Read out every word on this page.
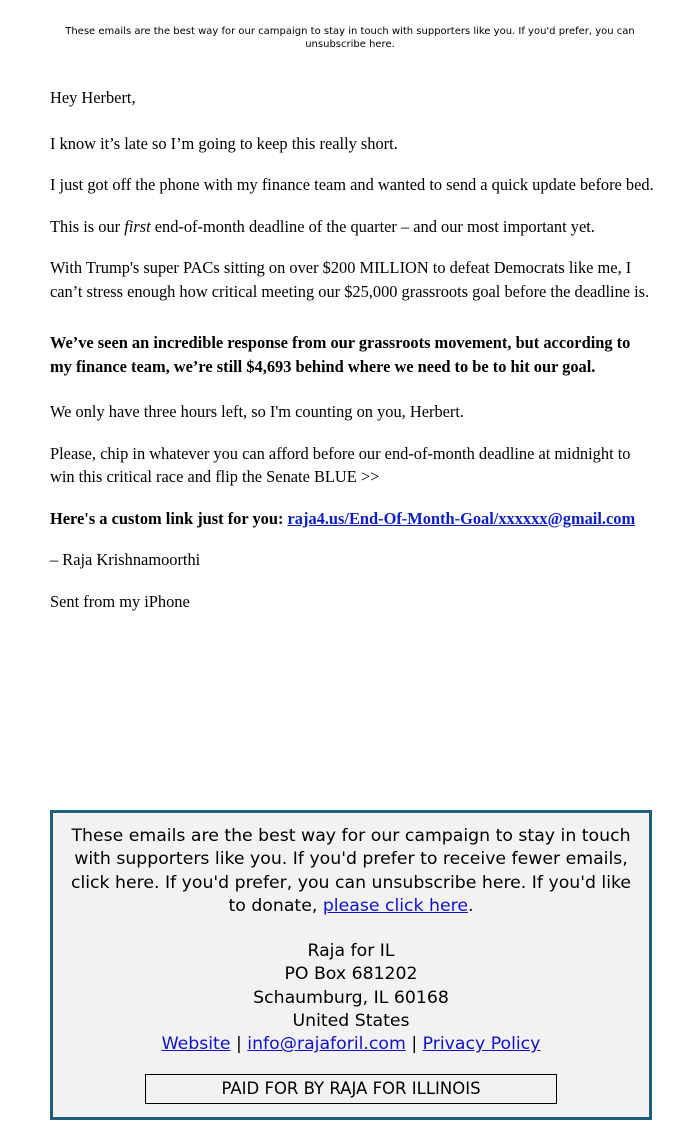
These emails are the best way for our campaign to stay in touch with supporters like you. If you'd prefer, you can unsubscribe here.

Hey Herbert,

I know it’s late so I’m going to keep this really short.

I just got off the phone with my finance team and wanted to send a quick update before bed.

This is our first end-of-month deadline of the quarter – and our most important yet.

With Trump's super PACs sitting on over $200 MILLION to defeat Democrats like me, I can’t stress enough how critical meeting our $25,000 grassroots goal before the deadline is.

We’ve seen an incredible response from our grassroots movement, but according to my finance team, we’re still $4,693 behind where we need to be to hit our goal.

We only have three hours left, so I'm counting on you, Herbert.

Please, chip in whatever you can afford before our end-of-month deadline at midnight to win this critical race and flip the Senate BLUE >>

Here's a custom link just for you: raja4.us/End-Of-Month-Goal/xxxxxx@gmail.com

– Raja Krishnamoorthi

Sent from my iPhone

These emails are the best way for our campaign to stay in touch with supporters like you. If you'd prefer to receive fewer emails, click here. If you'd prefer, you can unsubscribe here. If you'd like to donate, please click here.
Raja for IL
PO Box 681202
Schaumburg, IL 60168
United States
Website | info@rajaforil.com | Privacy Policy
PAID FOR BY RAJA FOR ILLINOIS
